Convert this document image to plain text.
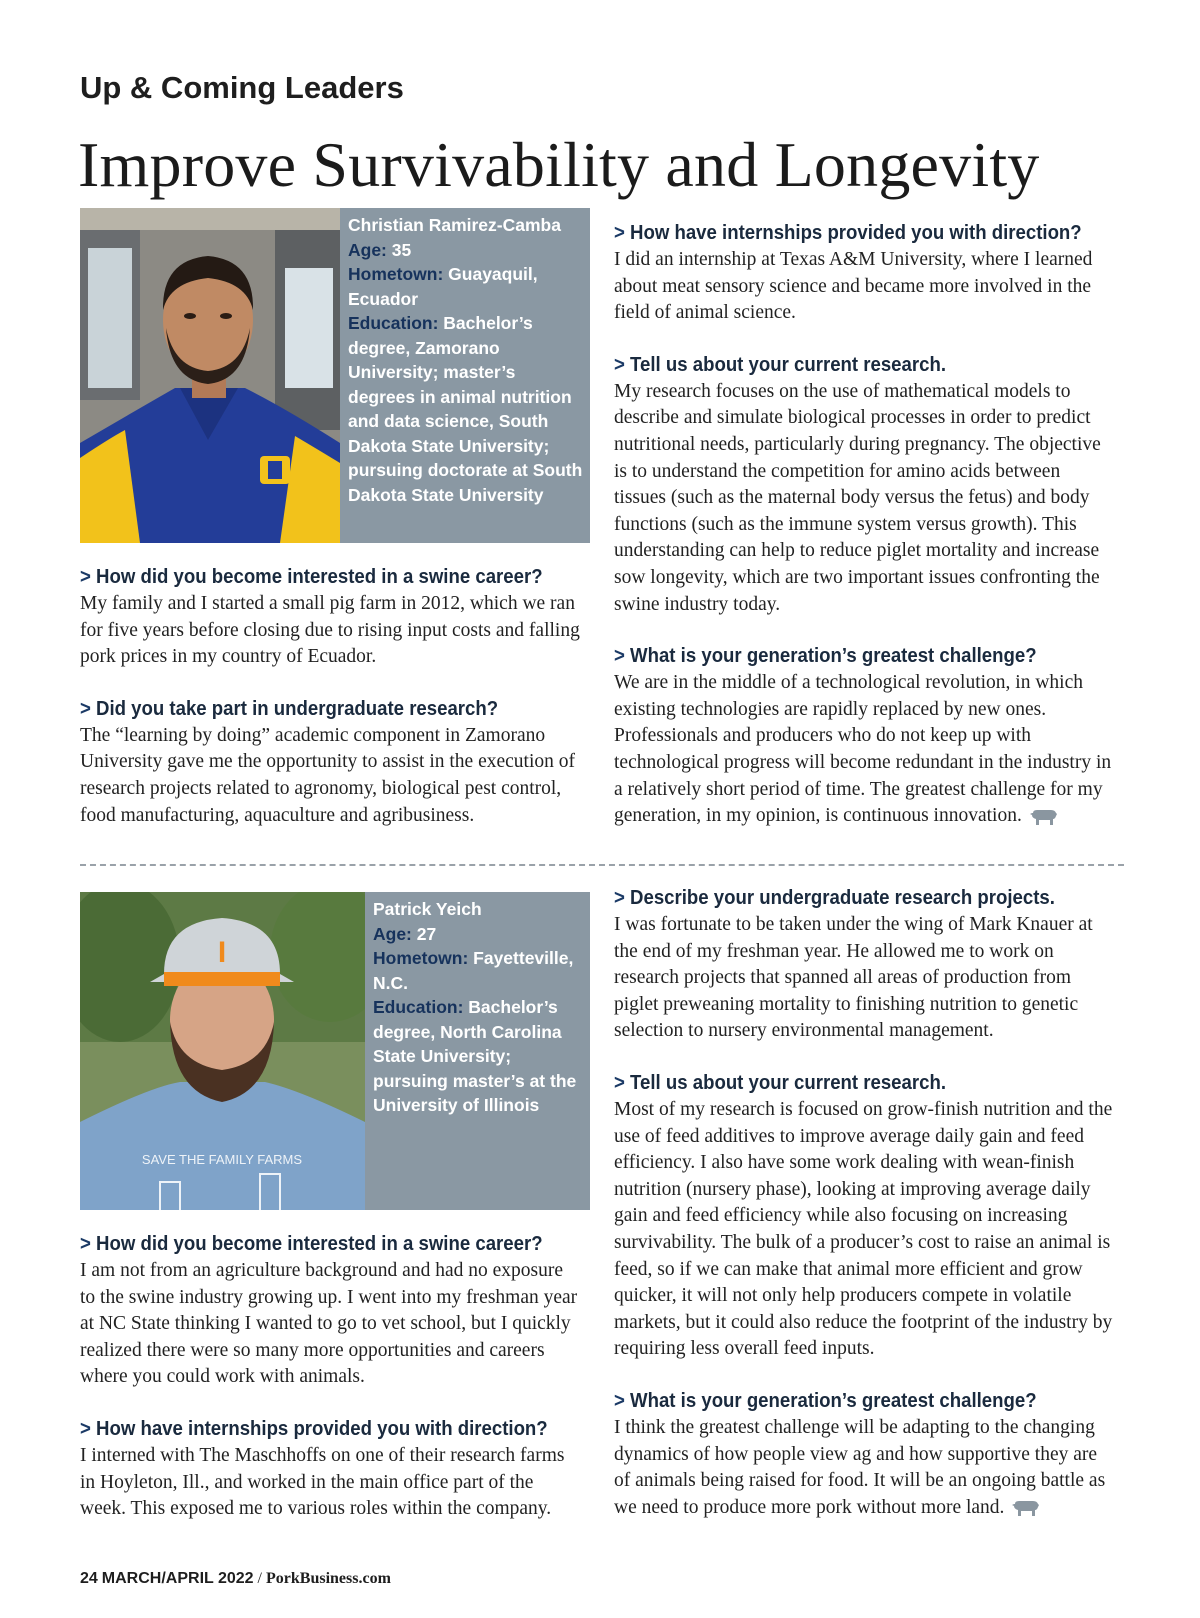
Up & Coming Leaders
Improve Survivability and Longevity
Christian Ramirez-Camba
Age: 35
Hometown: Guayaquil, Ecuador
Education: Bachelor’s degree, Zamorano University; master’s degrees in animal nutrition and data science, South Dakota State University; pursuing doctorate at South Dakota State University
> How did you become interested in a swine career?

My family and I started a small pig farm in 2012, which we ran for five years before closing due to rising input costs and falling pork prices in my country of Ecuador.

> Did you take part in undergraduate research?

The “learning by doing” academic component in Zamorano University gave me the opportunity to assist in the execution of research projects related to agronomy, biological pest control, food manufacturing, aquaculture and agribusiness.

> How have internships provided you with direction?

I did an internship at Texas A&M University, where I learned about meat sensory science and became more involved in the field of animal science.

> Tell us about your current research.

My research focuses on the use of mathematical models to describe and simulate biological processes in order to predict nutritional needs, particularly during pregnancy. The objective is to understand the competition for amino acids between tissues (such as the maternal body versus the fetus) and body functions (such as the immune system versus growth). This understanding can help to reduce piglet mortality and increase sow longevity, which are two important issues confronting the swine industry today.

> What is your generation’s greatest challenge?

We are in the middle of a technological revolution, in which existing technologies are rapidly replaced by new ones. Professionals and producers who do not keep up with technological progress will become redundant in the industry in a relatively short period of time. The greatest challenge for my generation, in my opinion, is continuous innovation.

I
SAVE THE FAMILY FARMS
Patrick Yeich
Age: 27
Hometown: Fayetteville, N.C.
Education: Bachelor’s degree, North Carolina State University; pursuing master’s at the University of Illinois
> How did you become interested in a swine career?

I am not from an agriculture background and had no exposure to the swine industry growing up. I went into my freshman year at NC State thinking I wanted to go to vet school, but I quickly realized there were so many more opportunities and careers where you could work with animals.

> How have internships provided you with direction?

I interned with The Maschhoffs on one of their research farms in Hoyleton, Ill., and worked in the main office part of the week. This exposed me to various roles within the company.

> Describe your undergraduate research projects.

I was fortunate to be taken under the wing of Mark Knauer at the end of my freshman year. He allowed me to work on research projects that spanned all areas of production from piglet preweaning mortality to finishing nutrition to genetic selection to nursery environmental management.

> Tell us about your current research.

Most of my research is focused on grow-finish nutrition and the use of feed additives to improve average daily gain and feed efficiency. I also have some work dealing with wean-finish nutrition (nursery phase), looking at improving average daily gain and feed efficiency while also focusing on increasing survivability. The bulk of a producer’s cost to raise an animal is feed, so if we can make that animal more efficient and grow quicker, it will not only help producers compete in volatile markets, but it could also reduce the footprint of the industry by requiring less overall feed inputs.

> What is your generation’s greatest challenge?

I think the greatest challenge will be adapting to the changing dynamics of how people view ag and how supportive they are of animals being raised for food. It will be an ongoing battle as we need to produce more pork without more land.

24 MARCH/APRIL 2022 / PorkBusiness.com
